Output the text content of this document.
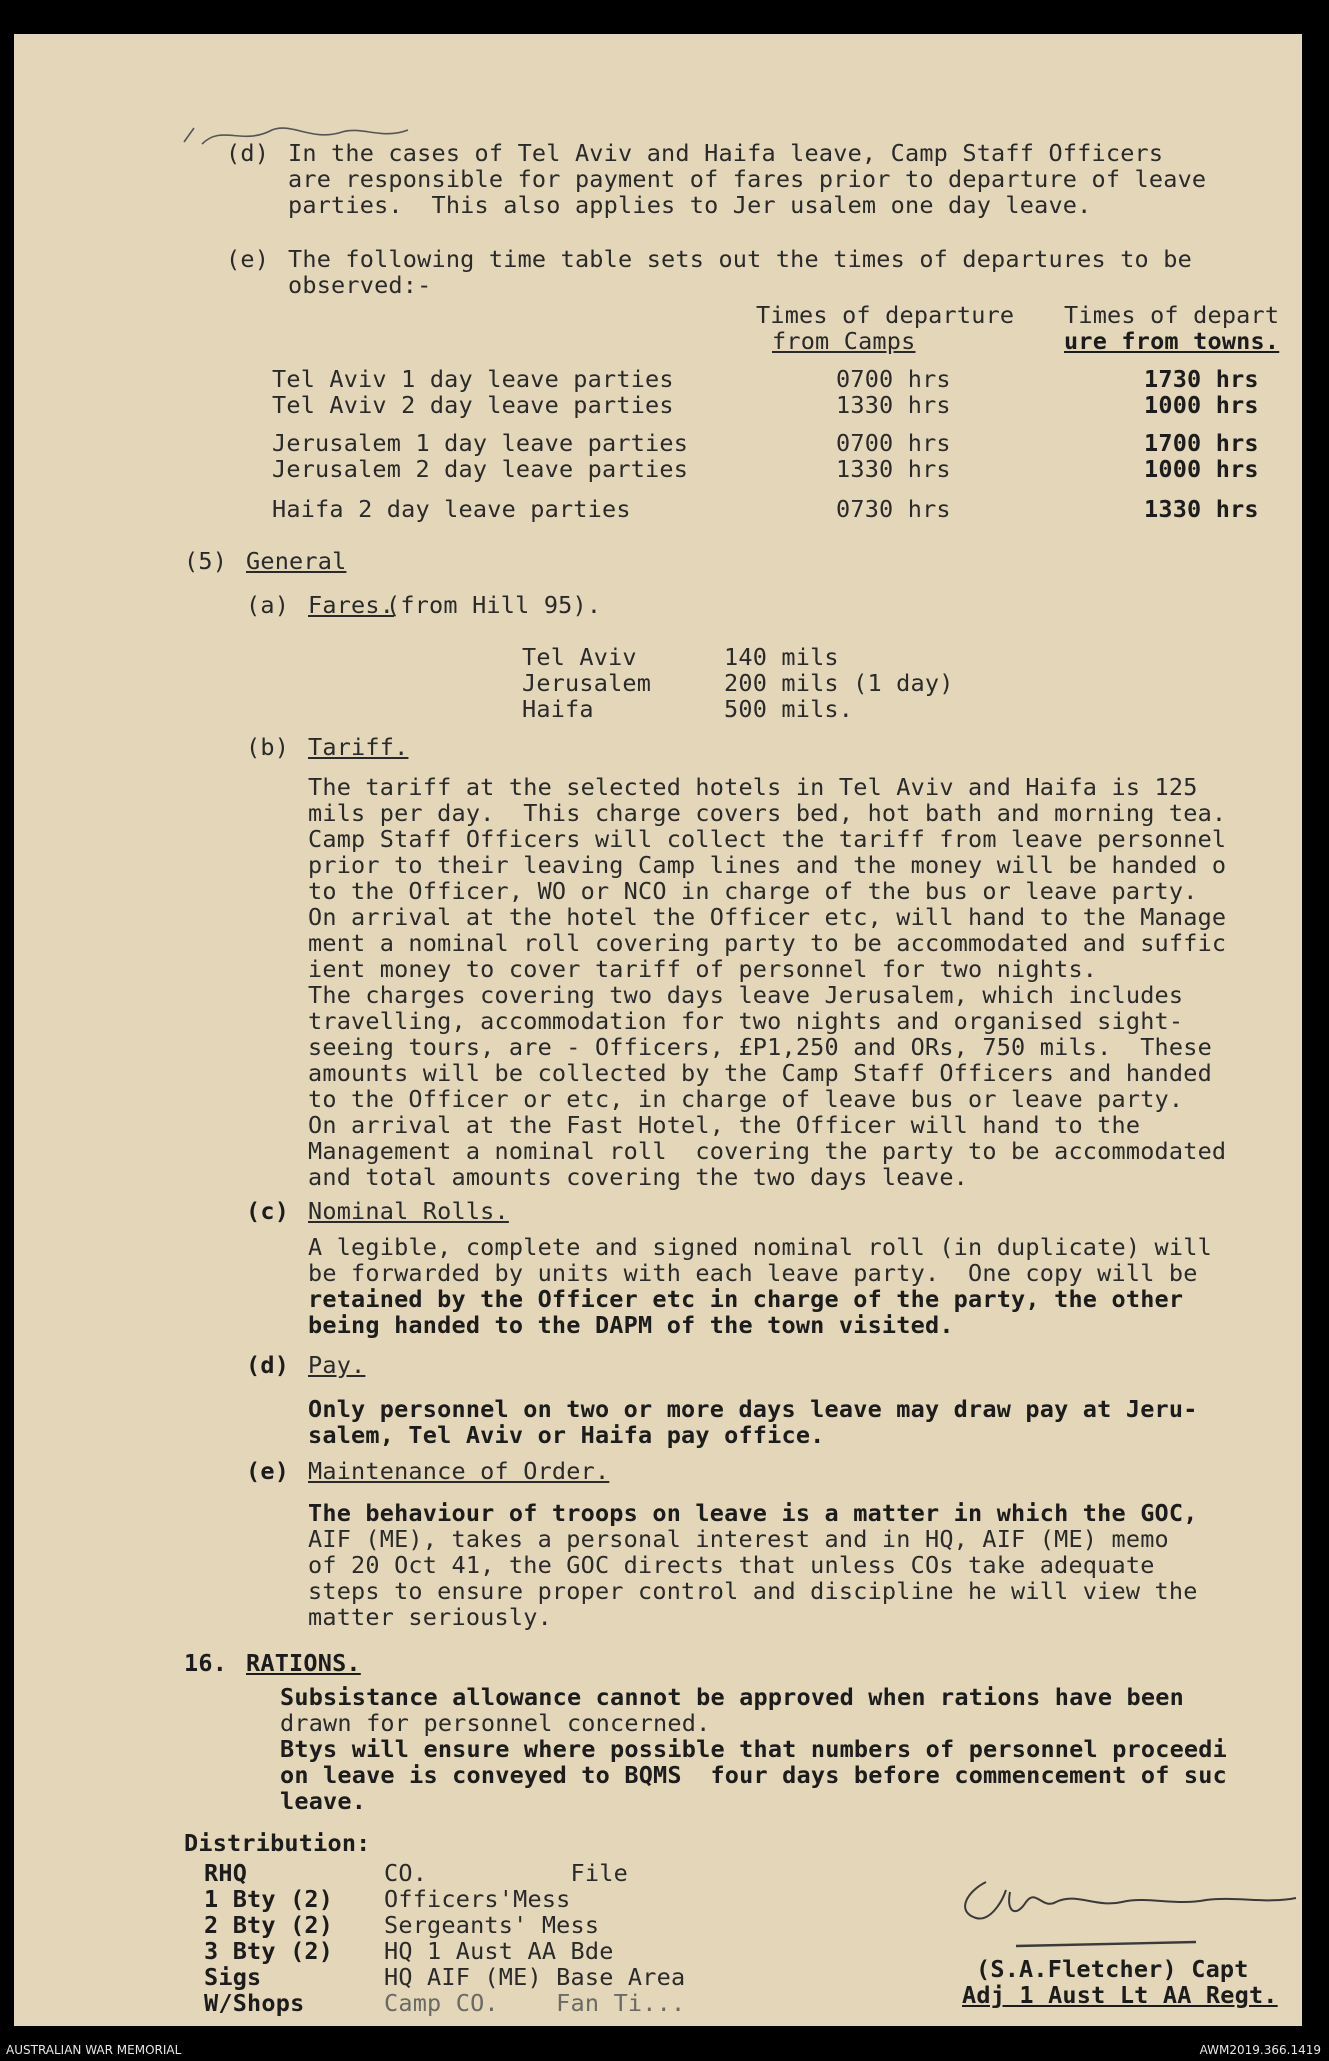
(d) In the cases of Tel Aviv and Haifa leave, Camp Staff Officers
are responsible for payment of fares prior to departure of leave
parties.  This also applies to Jer usalem one day leave.
(e) The following time table sets out the times of departures to be
observed:-
Times of departure
from Camps
Times of depart
ure from towns.
Tel Aviv 1 day leave parties	0700 hrs	1730 hrs
Tel Aviv 2 day leave parties	1330 hrs	1000 hrs
Jerusalem 1 day leave parties	0700 hrs	1700 hrs
Jerusalem 2 day leave parties	1330 hrs	1000 hrs
Haifa 2 day leave parties	0730 hrs	1330 hrs
(5) General
(a) Fares.
(from Hill 95).
Tel Aviv	140 mils
Jerusalem	200 mils (1 day)
Haifa	500 mils.
(b) Tariff.
The tariff at the selected hotels in Tel Aviv and Haifa is 125
mils per day.  This charge covers bed, hot bath and morning tea.
Camp Staff Officers will collect the tariff from leave personnel
prior to their leaving Camp lines and the money will be handed o
to the Officer, WO or NCO in charge of the bus or leave party.
On arrival at the hotel the Officer etc, will hand to the Manage
ment a nominal roll covering party to be accommodated and suffic
ient money to cover tariff of personnel for two nights.
The charges covering two days leave Jerusalem, which includes
travelling, accommodation for two nights and organised sight-
seeing tours, are - Officers, £P1,250 and ORs, 750 mils.  These
amounts will be collected by the Camp Staff Officers and handed
to the Officer or etc, in charge of leave bus or leave party.
On arrival at the Fast Hotel, the Officer will hand to the
Management a nominal roll  covering the party to be accommodated
and total amounts covering the two days leave.
(c) Nominal Rolls.
A legible, complete and signed nominal roll (in duplicate) will
be forwarded by units with each leave party.  One copy will be
retained by the Officer etc in charge of the party, the other
being handed to the DAPM of the town visited.
(d) Pay.
Only personnel on two or more days leave may draw pay at Jeru-
salem, Tel Aviv or Haifa pay office.
(e) Maintenance of Order.
The behaviour of troops on leave is a matter in which the GOC,
AIF (ME), takes a personal interest and in HQ, AIF (ME) memo
of 20 Oct 41, the GOC directs that unless COs take adequate
steps to ensure proper control and discipline he will view the
matter seriously.
16. RATIONS.
Subsistance allowance cannot be approved when rations have been
drawn for personnel concerned.
Btys will ensure where possible that numbers of personnel proceedi
on leave is conveyed to BQMS  four days before commencement of suc
leave.
Distribution:
RHQ	CO.          File
1 Bty (2) Officers'Mess
2 Bty (2) Sergeants' Mess
3 Bty (2) HQ 1 Aust AA Bde
Sigs	HQ AIF (ME) Base Area
W/Shops	Camp CO.    Fan Ti...
(S.A.Fletcher) Capt
Adj 1 Aust Lt AA Regt.
AUSTRALIAN WAR MEMORIAL	AWM2019.366.1419
